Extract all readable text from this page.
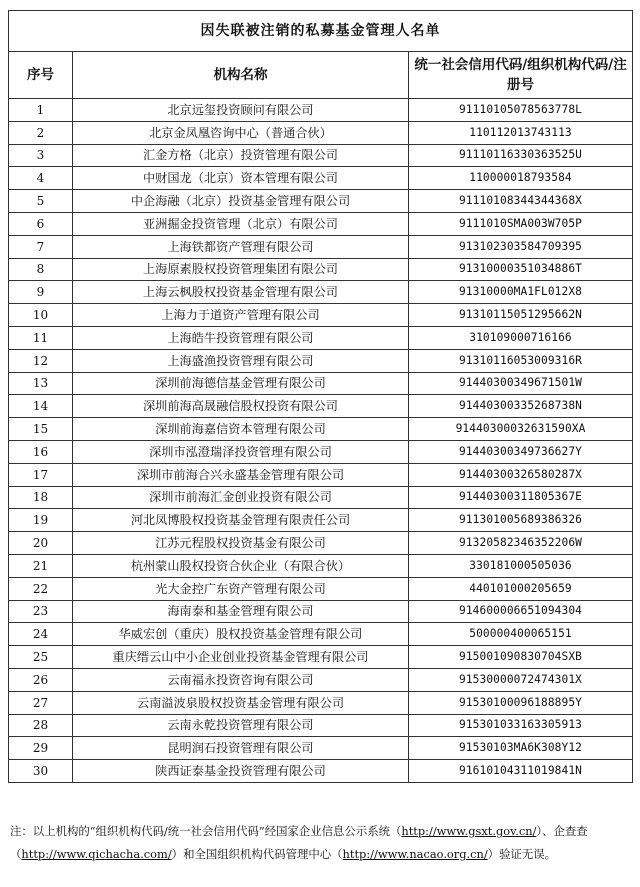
因失联被注销的私募基金管理人名单		
序号	机构名称	统一社会信用代码/组织机构代码/注册号
1	北京远玺投资顾问有限公司	91110105078563778L
2	北京金凤凰咨询中心（普通合伙）	110112013743113
3	汇金方格（北京）投资管理有限公司	91110116330363525U
4	中财国龙（北京）资本管理有限公司	110000018793584
5	中企海融（北京）投资基金管理有限公司	91110108344344368X
6	亚洲掘金投资管理（北京）有限公司	9111010SMA003W705P
7	上海铁都资产管理有限公司	913102303584709395
8	上海原素股权投资管理集团有限公司	91310000351034886T
9	上海云枫股权投资基金管理有限公司	91310000MA1FL012X8
10	上海力于道资产管理有限公司	91310115051295662N
11	上海皓牛投资管理有限公司	310109000716166
12	上海盛渔投资管理有限公司	91310116053009316R
13	深圳前海德信基金管理有限公司	91440300349671501W
14	深圳前海高晟融信股权投资有限公司	91440300335268738N
15	深圳前海嘉信资本管理有限公司	91440300032631590XA
16	深圳市泓澄瑞泽投资管理有限公司	91440300349736627Y
17	深圳市前海合兴永盛基金管理有限公司	91440300326580287X
18	深圳市前海汇金创业投资有限公司	91440300311805367E
19	河北凤博股权投资基金管理有限责任公司	911301005689386326
20	江苏元程股权投资基金有限公司	91320582346352206W
21	杭州蒙山股权投资合伙企业（有限合伙）	330181000505036
22	光大金控广东资产管理有限公司	440101000205659
23	海南泰和基金管理有限公司	914600006651094304
24	华威宏创（重庆）股权投资基金管理有限公司	500000400065151
25	重庆缙云山中小企业创业投资基金管理有限公司	915001090830704SXB
26	云南福永投资咨询有限公司	91530000072474301X
27	云南溢波泉股权投资基金管理有限公司	91530100096188895Y
28	云南永乾投资管理有限公司	915301033163305913
29	昆明润石投资管理有限公司	91530103MA6K308Y12
30	陕西证泰基金投资管理有限公司	91610104311019841N
注：以上机构的“组织机构代码/统一社会信用代码”经国家企业信息公示系统（http://www.gsxt.gov.cn/）、企查查（http://www.qichacha.com/）和全国组织机构代码管理中心（http://www.nacao.org.cn/）验证无误。
